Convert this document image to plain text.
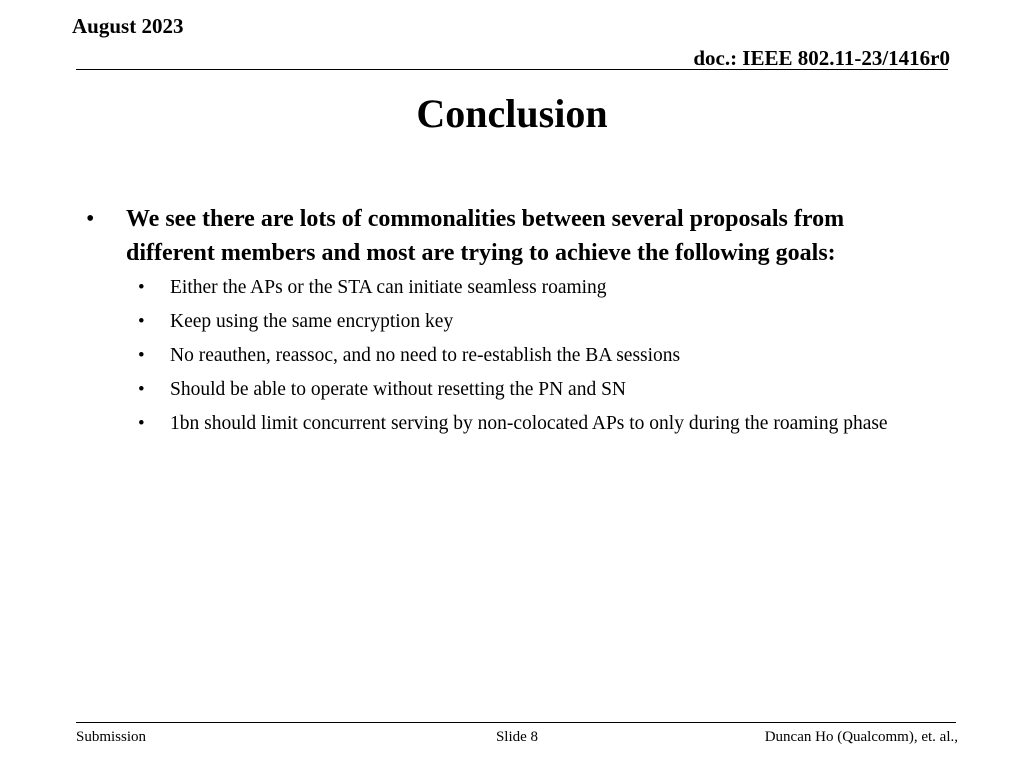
August 2023
doc.: IEEE 802.11-23/1416r0
Conclusion
•	We see there are lots of commonalities between several proposals from different members and most are trying to achieve the following goals:
•	Either the APs or the STA can initiate seamless roaming
•	Keep using the same encryption key
•	No reauthen, reassoc, and no need to re-establish the BA sessions
•	Should be able to operate without resetting the PN and SN
•	1bn should limit concurrent serving by non-colocated APs to only during the roaming phase
Submission	Slide 8	Duncan Ho (Qualcomm), et. al.,
